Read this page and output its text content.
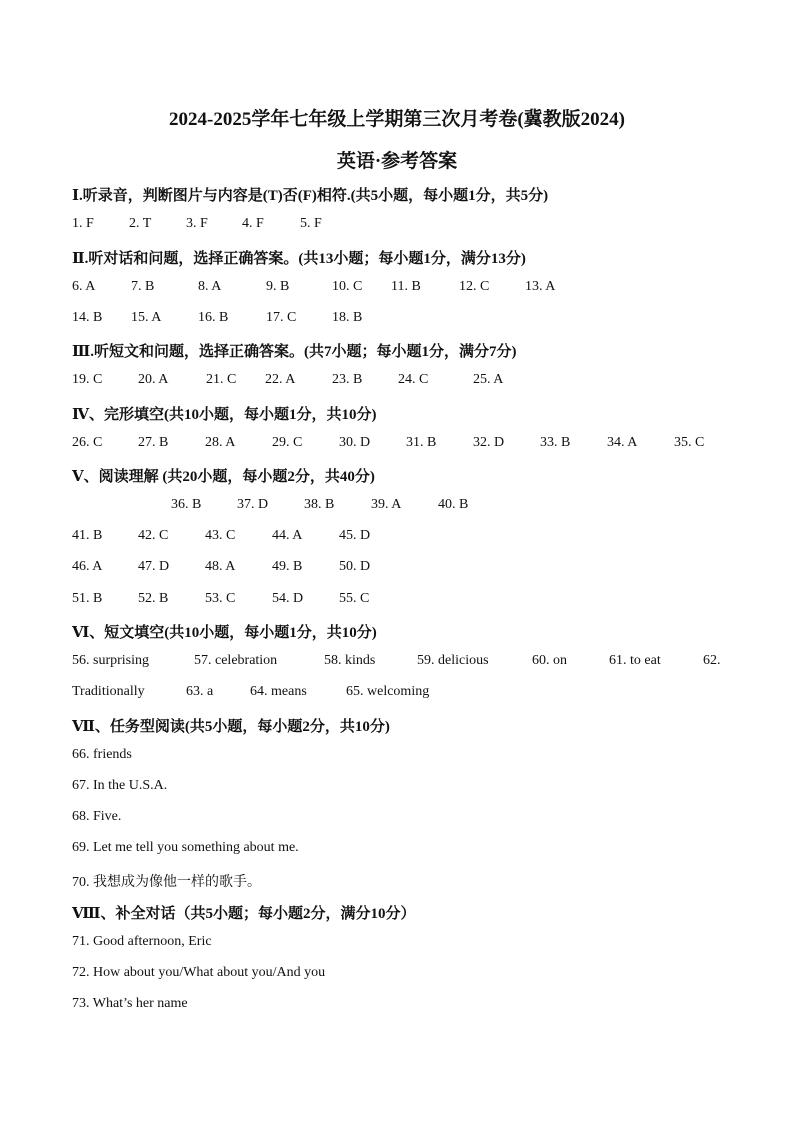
2024-2025学年七年级上学期第三次月考卷(冀教版2024)
英语·参考答案
Ⅰ.听录音，判断图片与内容是(T)否(F)相符.(共5小题，每小题1分，共5分)
1. F	2. T 3. F 4. F	5. F
Ⅱ.听对话和问题，选择正确答案。(共13小题；每小题1分，满分13分)
6. A	7. B	8. A	9. B	10. C 11. B	12. C	13. A
14. B 15. A	16. B	17. C	18. B
Ⅲ.听短文和问题，选择正确答案。(共7小题；每小题1分，满分7分)
19. C	20. A	21. C 22. A	23. B	24. C	25. A
Ⅳ、完形填空(共10小题，每小题1分，共10分)
26. C	27. B	28. A	29. C	30. D	31. B	32. D	33. B	34. A	35. C
Ⅴ、阅读理解 (共20小题，每小题2分，共40分)
36. B	37. D	38. B	39. A	40. B
41. B	42. C	43. C	44. A	45. D
46. A	47. D	48. A	49. B	50. D
51. B	52. B	53. C	54. D	55. C
Ⅵ、短文填空(共10小题，每小题1分，共10分)
56. surprising	57. celebration	58. kinds	59. delicious	60. on	61. to eat	62.
Traditionally	63. a	64. means	65. welcoming
Ⅶ、任务型阅读(共5小题，每小题2分，共10分)
66. friends
67. In the U.S.A.
68. Five.
69. Let me tell you something about me.
70. 我想成为像他一样的歌手。
Ⅷ、补全对话（共5小题；每小题2分，满分10分）
71. Good afternoon, Eric
72. How about you/What about you/And you
73. What’s her name
